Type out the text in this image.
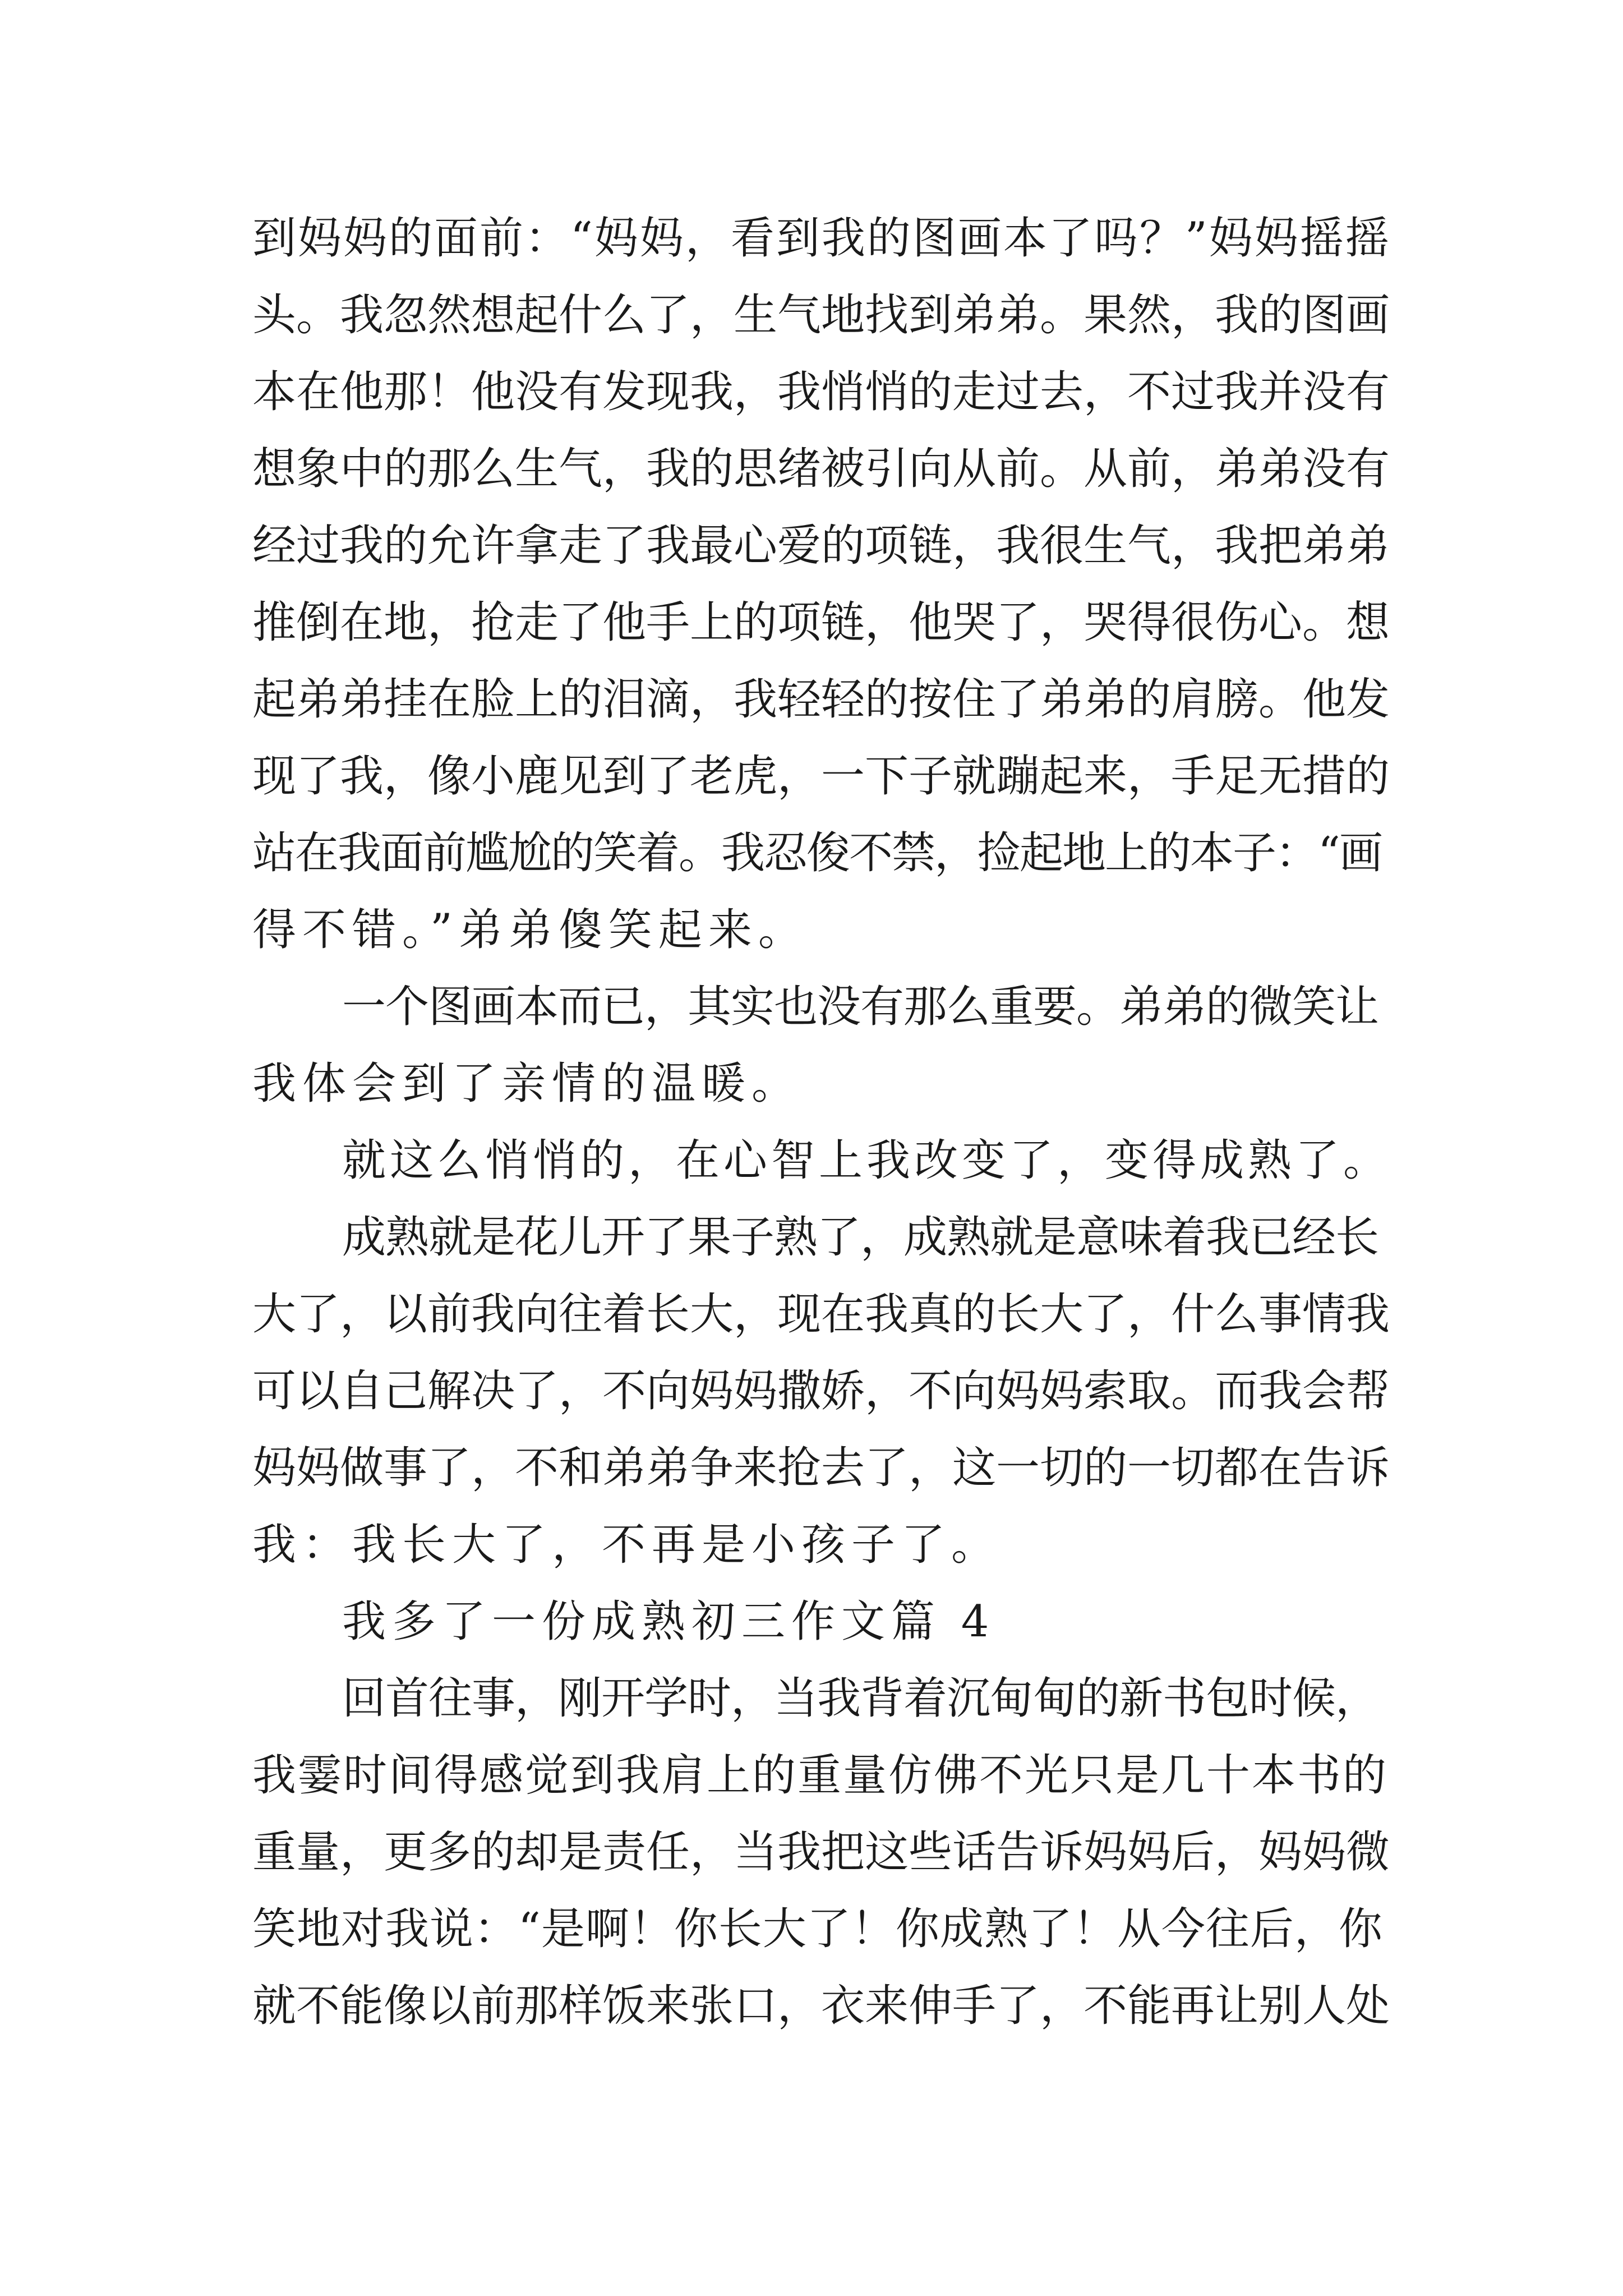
到妈妈的面前：“妈妈，看到我的图画本了吗？”妈妈摇摇
头。我忽然想起什么了，生气地找到弟弟。果然，我的图画
本在他那！他没有发现我，我悄悄的走过去，不过我并没有
想象中的那么生气，我的思绪被引向从前。从前，弟弟没有
经过我的允许拿走了我最心爱的项链，我很生气，我把弟弟
推倒在地，抢走了他手上的项链，他哭了，哭得很伤心。想
起弟弟挂在脸上的泪滴，我轻轻的按住了弟弟的肩膀。他发
现了我，像小鹿见到了老虎，一下子就蹦起来，手足无措的
站在我面前尴尬的笑着。我忍俊不禁，捡起地上的本子：“画
得不错。”弟弟傻笑起来。
一个图画本而已，其实也没有那么重要。弟弟的微笑让
我体会到了亲情的温暖。
就这么悄悄的，在心智上我改变了，变得成熟了。
成熟就是花儿开了果子熟了，成熟就是意味着我已经长
大了，以前我向往着长大，现在我真的长大了，什么事情我
可以自己解决了，不向妈妈撒娇，不向妈妈索取。而我会帮
妈妈做事了，不和弟弟争来抢去了，这一切的一切都在告诉
我：我长大了，不再是小孩子了。
我多了一份成熟初三作文篇 4
回首往事，刚开学时，当我背着沉甸甸的新书包时候，
我霎时间得感觉到我肩上的重量仿佛不光只是几十本书的
重量，更多的却是责任，当我把这些话告诉妈妈后，妈妈微
笑地对我说：“是啊！你长大了！你成熟了！从今往后，你
就不能像以前那样饭来张口，衣来伸手了，不能再让别人处
